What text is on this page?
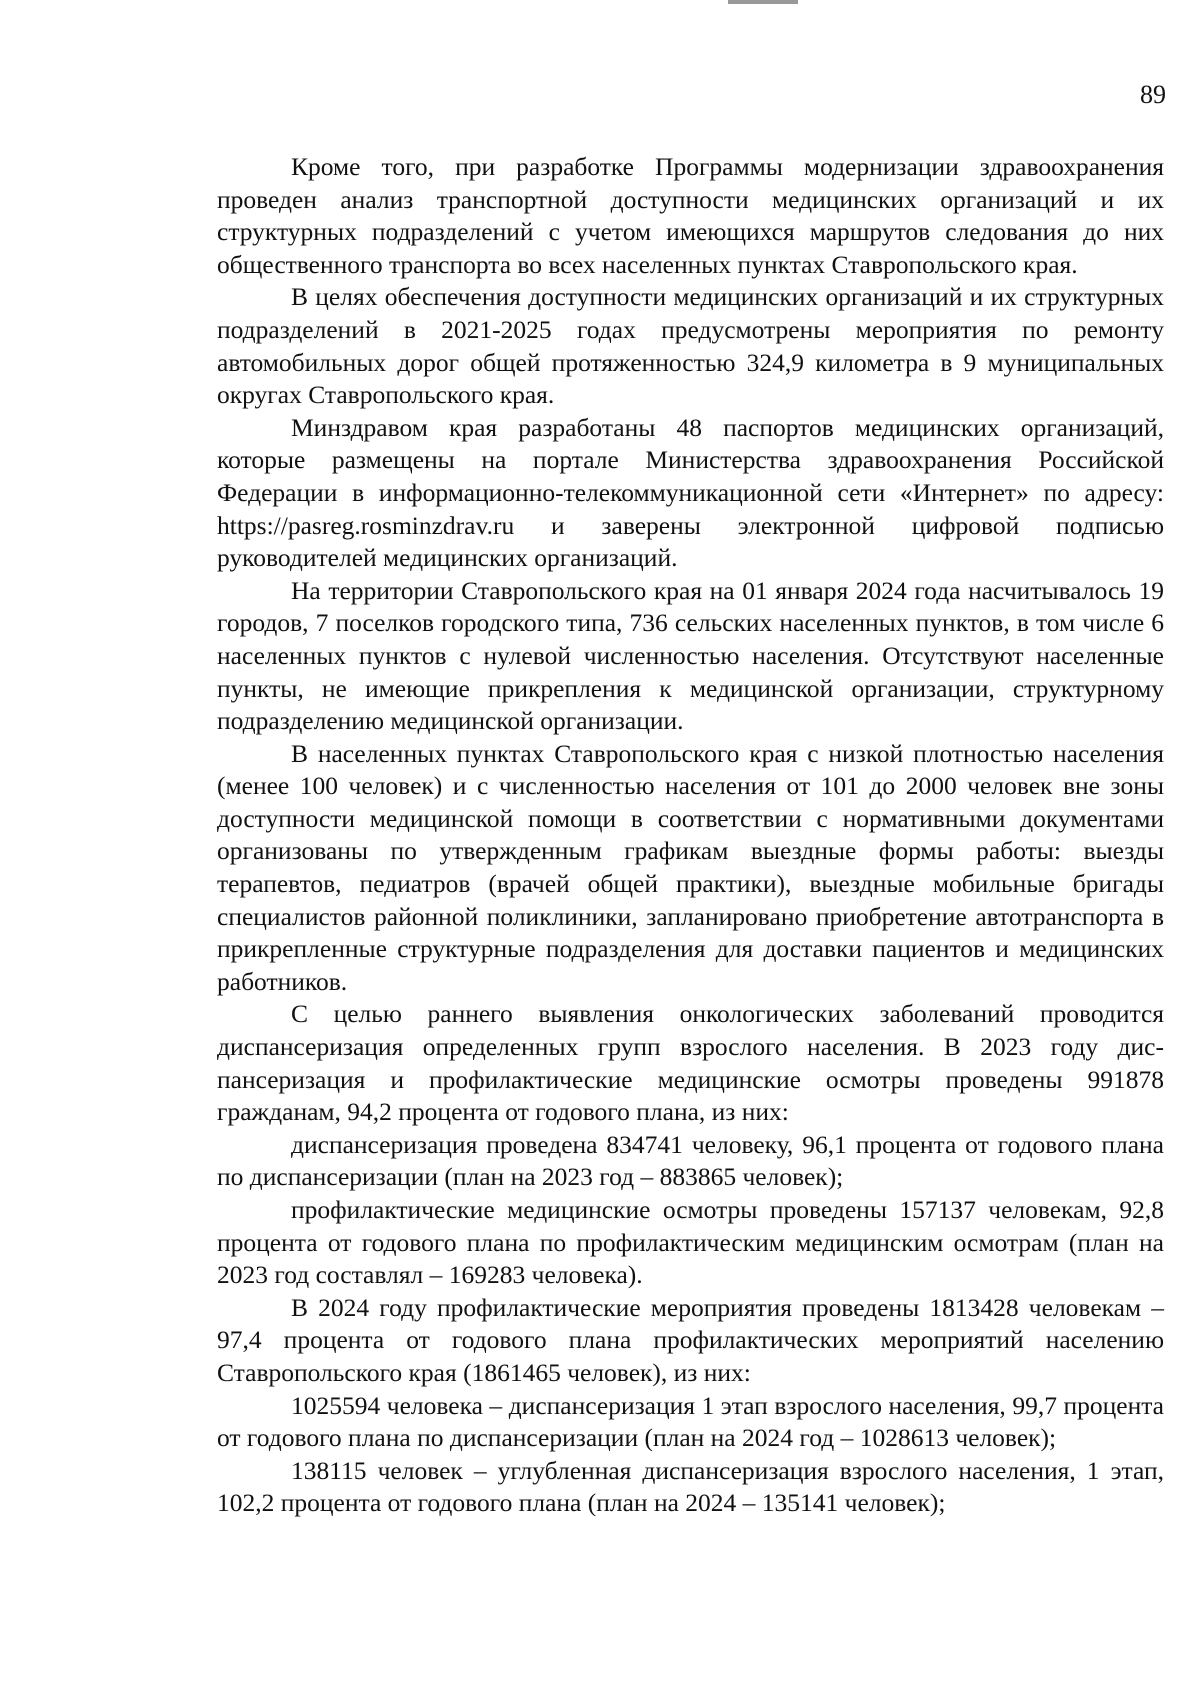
89

Кроме того, при разработке Программы модернизации здравоохранения проведен анализ транспортной доступности медицинских организаций и их структурных подразделений с учетом имеющихся маршрутов следования до них общественного транспорта во всех населенных пунктах Ставропольского края.

В целях обеспечения доступности медицинских организаций и их структурных подразделений в 2021-2025 годах предусмотрены мероприятия по ремонту автомобильных дорог общей протяженностью 324,9 километра в 9 муниципальных округах Ставропольского края.

Минздравом края разработаны 48 паспортов медицинских организаций, которые размещены на портале Министерства здравоохранения Российской Федерации в информационно-телекоммуникационной сети «Интернет» по адресу: https://pasreg.rosminzdrav.ru и заверены электронной цифровой подписью руководителей медицинских организаций.

На территории Ставропольского края на 01 января 2024 года насчитывалось 19 городов, 7 поселков городского типа, 736 сельских населенных пунктов, в том числе 6 населенных пунктов с нулевой численностью населения. Отсутствуют населенные пункты, не имеющие прикрепления к медицинской организации, структурному подразделению медицинской организации.

В населенных пунктах Ставропольского края с низкой плотностью населения (менее 100 человек) и с численностью населения от 101 до 2000 человек вне зоны доступности медицинской помощи в соответствии с нормативными документами организованы по утвержденным графикам выездные формы работы: выезды терапевтов, педиатров (врачей общей практики), выездные мобильные бригады специалистов районной поликлиники, запланировано приобретение автотранспорта в прикрепленные структурные подразделения для доставки пациентов и медицинских работников.

С целью раннего выявления онкологических заболеваний проводится диспансеризация определенных групп взрослого населения. В 2023 году диспансеризация и профилактические медицинские осмотры проведены 991878 гражданам, 94,2 процента от годового плана, из них:

диспансеризация проведена 834741 человеку, 96,1 процента от годового плана по диспансеризации (план на 2023 год – 883865 человек);

профилактические медицинские осмотры проведены 157137 человекам, 92,8 процента от годового плана по профилактическим медицинским осмотрам (план на 2023 год составлял – 169283 человека).

В 2024 году профилактические мероприятия проведены 1813428 человекам – 97,4 процента от годового плана профилактических мероприятий населению Ставропольского края (1861465 человек), из них:

1025594 человека – диспансеризация 1 этап взрослого населения, 99,7 процента от годового плана по диспансеризации (план на 2024 год – 1028613 человек);

138115 человек – углубленная диспансеризация взрослого населения, 1 этап, 102,2 процента от годового плана (план на 2024 – 135141 человек);
